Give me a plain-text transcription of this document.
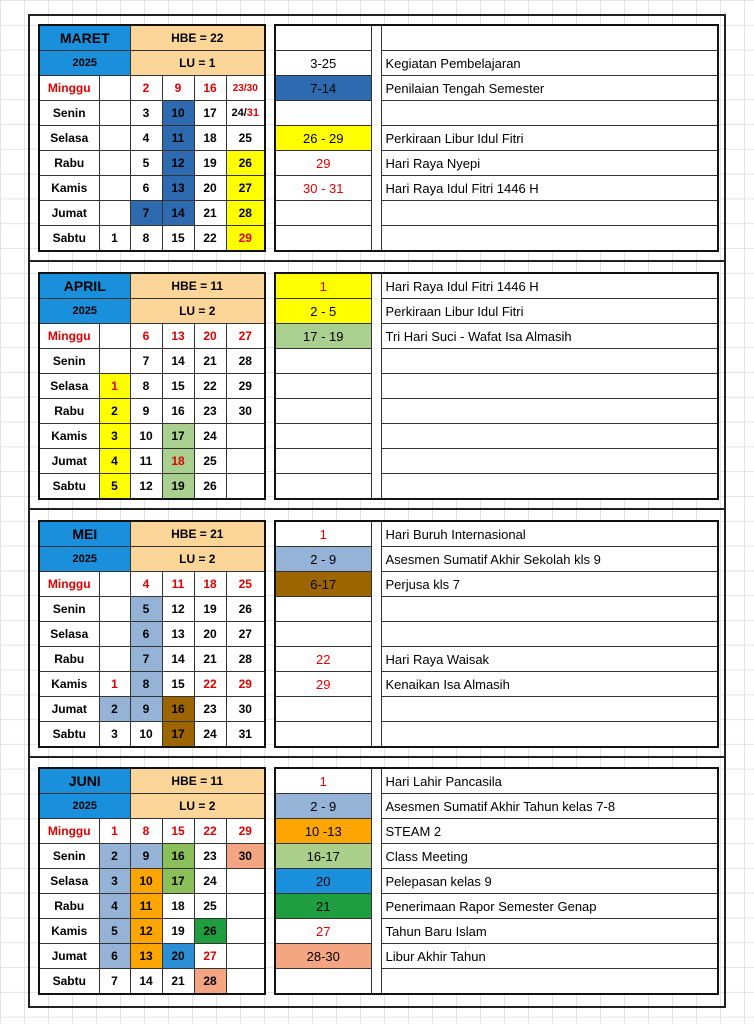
MARET		HBE = 22			
2025		LU = 1			
Minggu		2	9	16	23/30
Senin		3	10	17	24/31
Selasa		4	11	18	25
Rabu		5	12	19	26
Kamis		6	13	20	27
Jumat		7	14	21	28
Sabtu	1	8	15	22	29

3-25		Kegiatan Pembelajaran
7-14		Penilaian Tengah Semester

26 - 29		Perkiraan Libur Idul Fitri
29		Hari Raya Nyepi
30 - 31		Hari Raya Idul Fitri 1446 H

APRIL		HBE = 11			
2025		LU = 2			
Minggu		6	13	20	27
Senin		7	14	21	28
Selasa	1	8	15	22	29
Rabu	2	9	16	23	30
Kamis	3	10	17	24	
Jumat	4	11	18	25	
Sabtu	5	12	19	26	
1		Hari Raya Idul Fitri 1446 H
2 - 5		Perkiraan Libur Idul Fitri
17 - 19		Tri Hari Suci - Wafat Isa Almasih

MEI		HBE = 21			
2025		LU = 2			
Minggu		4	11	18	25
Senin		5	12	19	26
Selasa		6	13	20	27
Rabu		7	14	21	28
Kamis	1	8	15	22	29
Jumat	2	9	16	23	30
Sabtu	3	10	17	24	31
1		Hari Buruh Internasional
2 - 9		Asesmen Sumatif Akhir Sekolah kls 9
6-17		Perjusa kls 7

22		Hari Raya Waisak
29		Kenaikan Isa Almasih

JUNI		HBE = 11			
2025		LU = 2			
Minggu	1	8	15	22	29
Senin	2	9	16	23	30
Selasa	3	10	17	24	
Rabu	4	11	18	25	
Kamis	5	12	19	26	
Jumat	6	13	20	27	
Sabtu	7	14	21	28	
1		Hari Lahir Pancasila
2 - 9		Asesmen Sumatif Akhir Tahun kelas 7-8
10 -13		STEAM 2
16-17		Class Meeting
20		Pelepasan kelas 9
21		Penerimaan Rapor Semester Genap
27		Tahun Baru Islam
28-30		Libur Akhir Tahun
